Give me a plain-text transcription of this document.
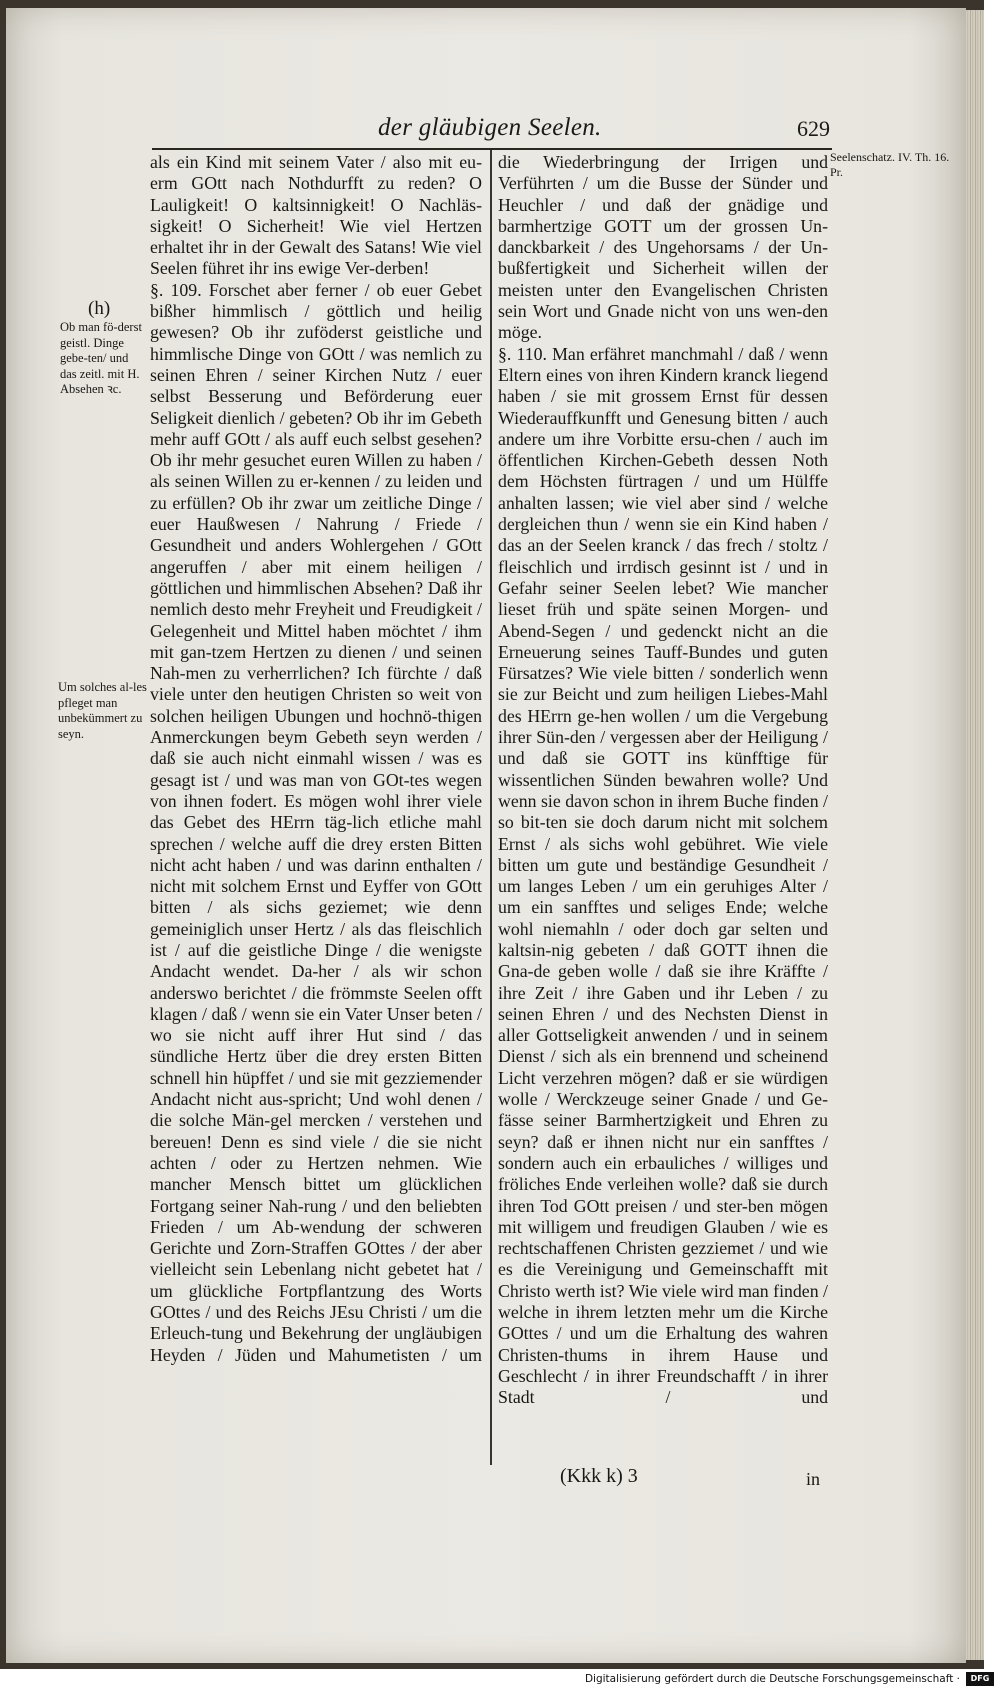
der gläubigen Seelen.	629
(h)
Ob man fö-derst geistl. Dinge gebe-ten/ und das zeitl. mit H. Absehen ꝛc.
Um solches al-les pfleget man unbekümmert zu seyn.
Seelenschatz. IV. Th. 16. Pr.

als ein Kind mit seinem Vater / also mit eu-erm GOtt nach Nothdurfft zu reden? O Lauligkeit! O kaltsinnigkeit! O Nachläs-sigkeit! O Sicherheit! Wie viel Hertzen erhaltet ihr in der Gewalt des Satans! Wie viel Seelen führet ihr ins ewige Ver-derben!

§. 109. Forschet aber ferner / ob euer Gebet bißher himmlisch / göttlich und heilig gewesen? Ob ihr zuföderst geistliche und himmlische Dinge von GOtt / was nemlich zu seinen Ehren / seiner Kirchen Nutz / euer selbst Besserung und Beförderung euer Seligkeit dienlich / gebeten? Ob ihr im Gebeth mehr auff GOtt / als auff euch selbst gesehen? Ob ihr mehr gesuchet euren Willen zu haben / als seinen Willen zu er-kennen / zu leiden und zu erfüllen? Ob ihr zwar um zeitliche Dinge / euer Haußwesen / Nahrung / Friede / Gesundheit und anders Wohlergehen / GOtt angeruffen / aber mit einem heiligen / göttlichen und himmlischen Absehen? Daß ihr nemlich desto mehr Freyheit und Freudigkeit / Gelegenheit und Mittel haben möchtet / ihm mit gan-tzem Hertzen zu dienen / und seinen Nah-men zu verherrlichen? Ich fürchte / daß viele unter den heutigen Christen so weit von solchen heiligen Ubungen und hochnö-thigen Anmerckungen beym Gebeth seyn werden / daß sie auch nicht einmahl wissen / was es gesagt ist / und was man von GOt-tes wegen von ihnen fodert. Es mögen wohl ihrer viele das Gebet des HErrn täg-lich etliche mahl sprechen / welche auff die drey ersten Bitten nicht acht haben / und was darinn enthalten / nicht mit solchem Ernst und Eyffer von GOtt bitten / als sichs geziemet; wie denn gemeiniglich unser Hertz / als das fleischlich ist / auf die geistliche Dinge / die wenigste Andacht wendet. Da-her / als wir schon anderswo berichtet / die frömmste Seelen offt klagen / daß / wenn sie ein Vater Unser beten / wo sie nicht auff ihrer Hut sind / das sündliche Hertz über die drey ersten Bitten schnell hin hüpffet / und sie mit gezziemender Andacht nicht aus-spricht; Und wohl denen / die solche Män-gel mercken / verstehen und bereuen! Denn es sind viele / die sie nicht achten / oder zu Hertzen nehmen. Wie mancher Mensch bittet um glücklichen Fortgang seiner Nah-rung / und den beliebten Frieden / um Ab-wendung der schweren Gerichte und Zorn-Straffen GOttes / der aber vielleicht sein Lebenlang nicht gebetet hat / um glückliche Fortpflantzung des Worts GOttes / und des Reichs JEsu Christi / um die Erleuch-tung und Bekehrung der ungläubigen Heyden / Jüden und Mahumetisten / um

die Wiederbringung der Irrigen und Verführten / um die Busse der Sünder und Heuchler / und daß der gnädige und barmhertzige GOTT um der grossen Un-danckbarkeit / des Ungehorsams / der Un-bußfertigkeit und Sicherheit willen der meisten unter den Evangelischen Christen sein Wort und Gnade nicht von uns wen-den möge.

§. 110. Man erfähret manchmahl / daß / wenn Eltern eines von ihren Kindern kranck liegend haben / sie mit grossem Ernst für dessen Wiederauffkunfft und Genesung bitten / auch andere um ihre Vorbitte ersu-chen / auch im öffentlichen Kirchen-Gebeth dessen Noth dem Höchsten fürtragen / und um Hülffe anhalten lassen; wie viel aber sind / welche dergleichen thun / wenn sie ein Kind haben / das an der Seelen kranck / das frech / stoltz / fleischlich und irrdisch gesinnt ist / und in Gefahr seiner Seelen lebet? Wie mancher lieset früh und späte seinen Morgen- und Abend-Segen / und gedenckt nicht an die Erneuerung seines Tauff-Bundes und guten Fürsatzes? Wie viele bitten / sonderlich wenn sie zur Beicht und zum heiligen Liebes-Mahl des HErrn ge-hen wollen / um die Vergebung ihrer Sün-den / vergessen aber der Heiligung / und daß sie GOTT ins künfftige für wissentlichen Sünden bewahren wolle? Und wenn sie davon schon in ihrem Buche finden / so bit-ten sie doch darum nicht mit solchem Ernst / als sichs wohl gebühret. Wie viele bitten um gute und beständige Gesundheit / um langes Leben / um ein geruhiges Alter / um ein sanfftes und seliges Ende; welche wohl niemahln / oder doch gar selten und kaltsin-nig gebeten / daß GOTT ihnen die Gna-de geben wolle / daß sie ihre Kräffte / ihre Zeit / ihre Gaben und ihr Leben / zu seinen Ehren / und des Nechsten Dienst in aller Gottseligkeit anwenden / und in seinem Dienst / sich als ein brennend und scheinend Licht verzehren mögen? daß er sie würdigen wolle / Werckzeuge seiner Gnade / und Ge-fässe seiner Barmhertzigkeit und Ehren zu seyn? daß er ihnen nicht nur ein sanfftes / sondern auch ein erbauliches / williges und fröliches Ende verleihen wolle? daß sie durch ihren Tod GOtt preisen / und ster-ben mögen mit willigem und freudigen Glauben / wie es rechtschaffenen Christen gezziemet / und wie es die Vereinigung und Gemeinschafft mit Christo werth ist? Wie viele wird man finden / welche in ihrem letzten mehr um die Kirche GOttes / und um die Erhaltung des wahren Christen-thums in ihrem Hause und Geschlecht / in ihrer Freundschafft / in ihrer Stadt / und

(Kkk k) 3	in
Digitalisierung gefördert durch die Deutsche Forschungsgemeinschaft ·	DFG
